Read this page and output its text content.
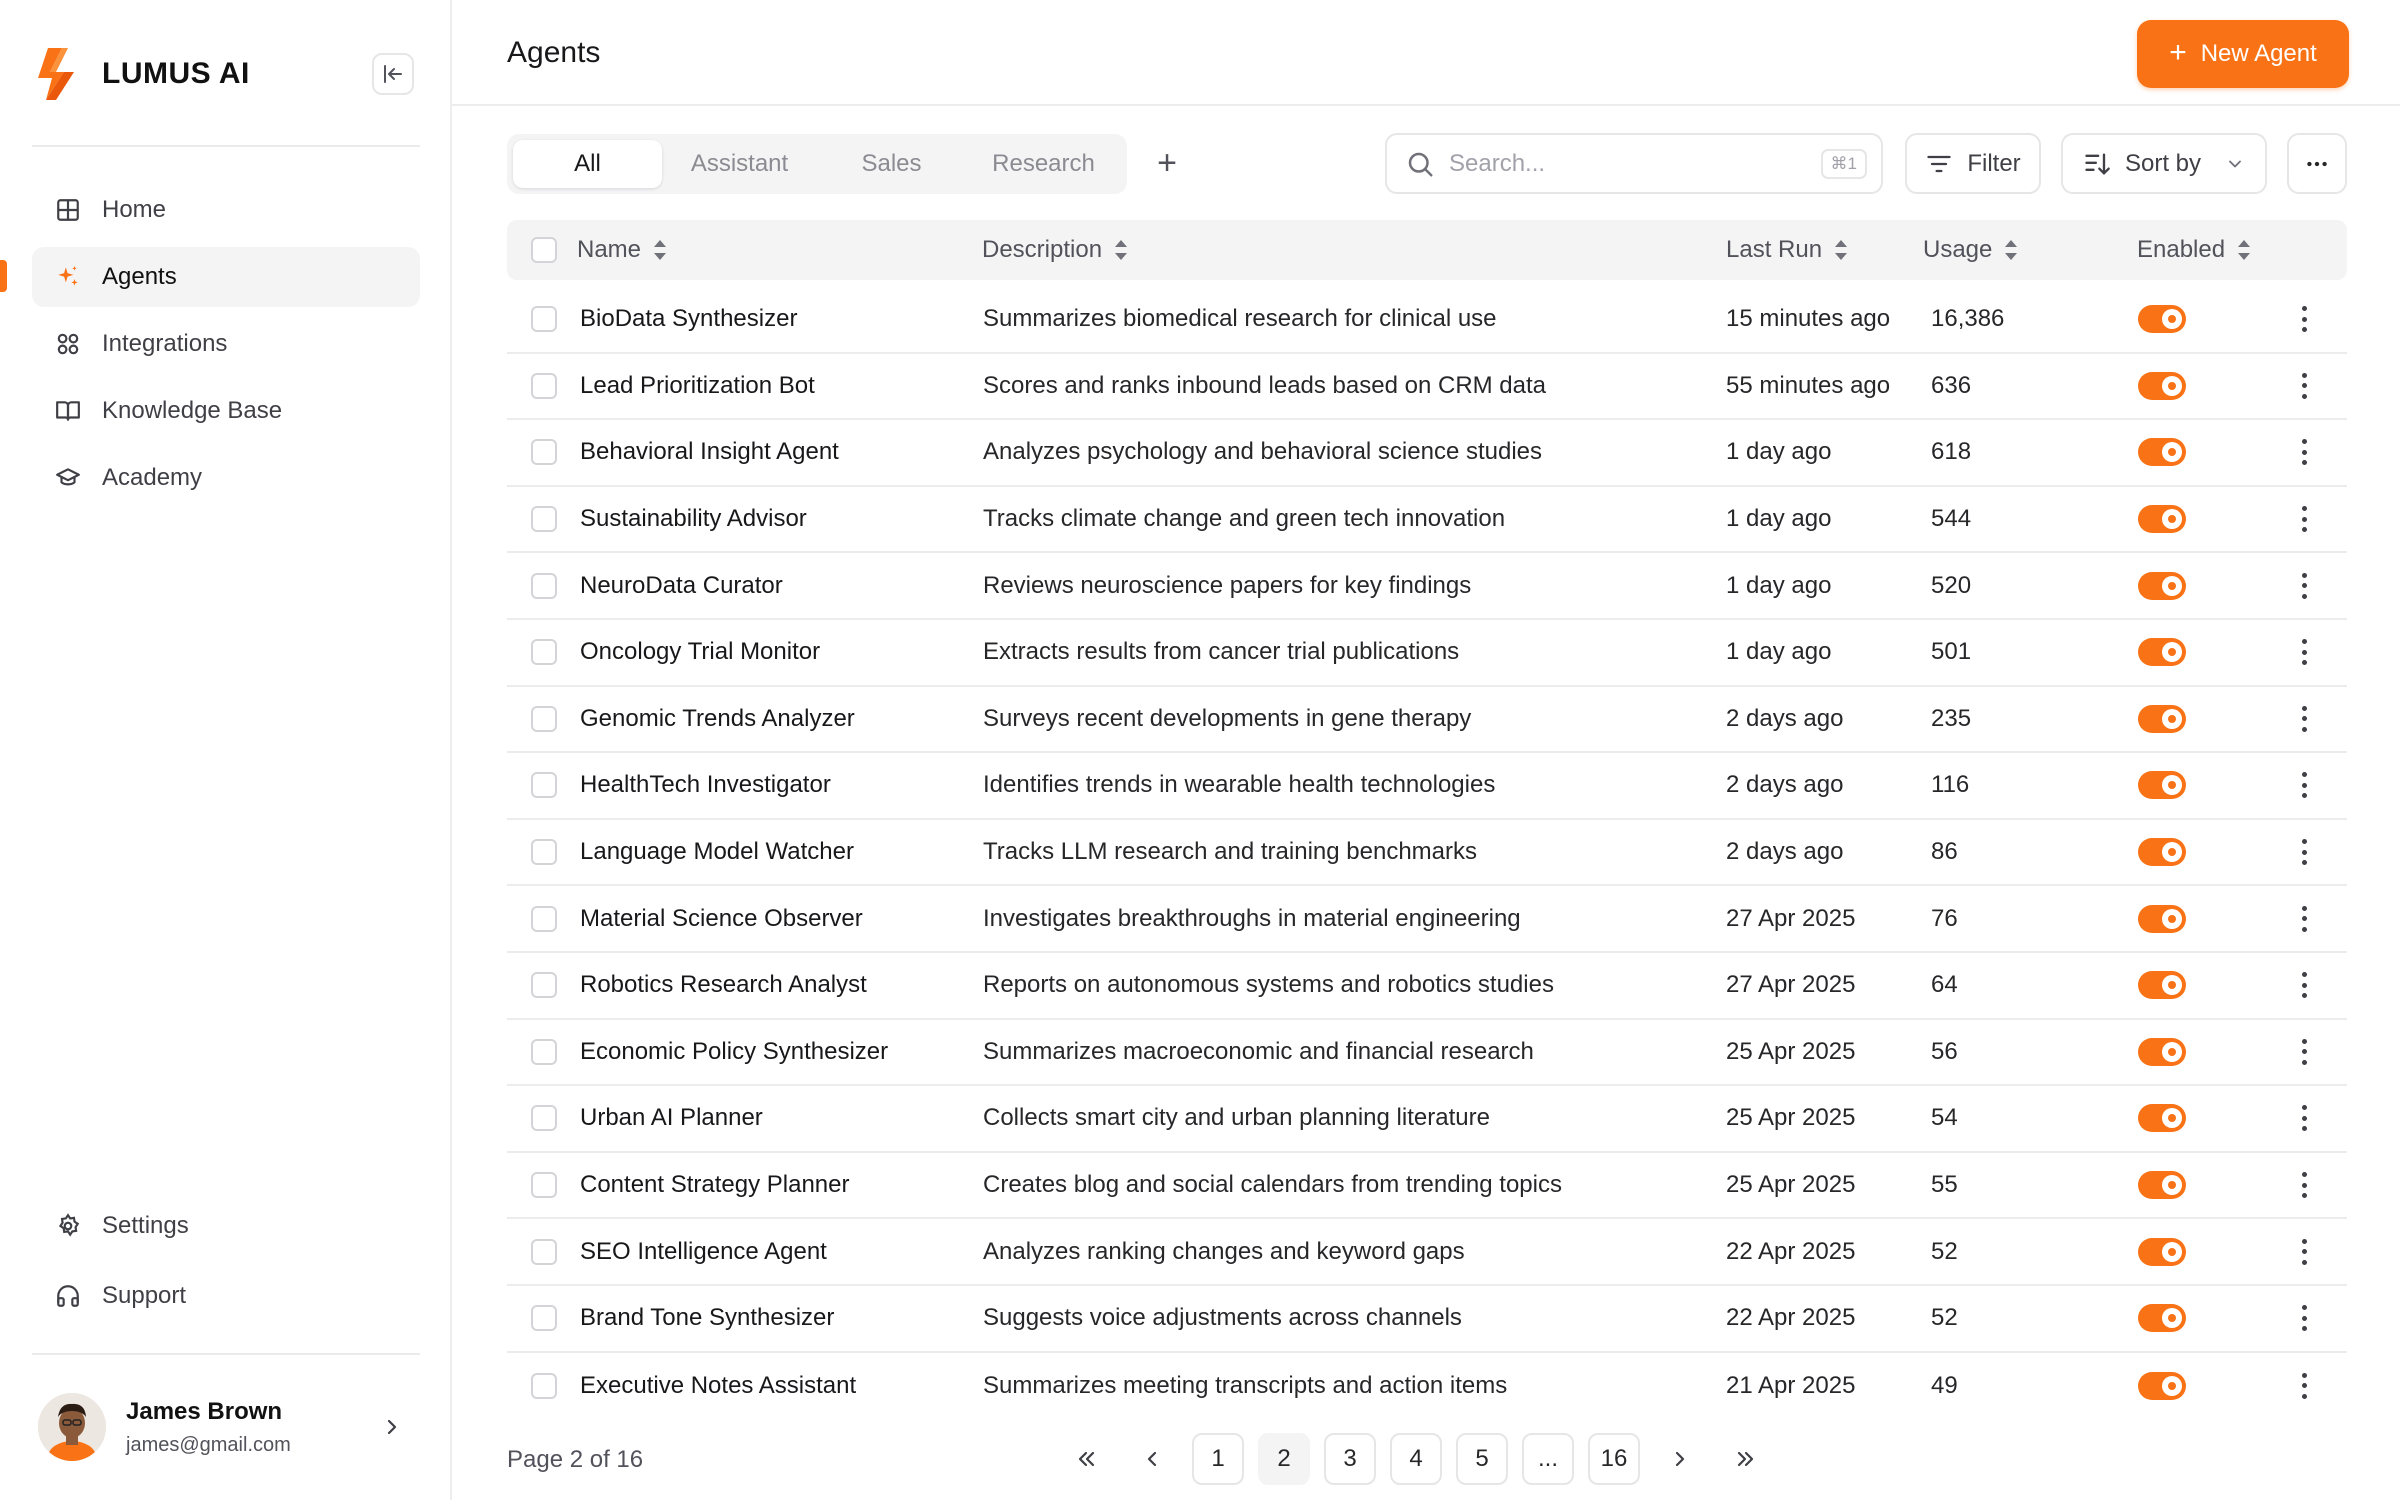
LUMUS AI
Home
Agents
Integrations
Knowledge Base
Academy
Settings
Support
James Brown
james@gmail.com
Agents	+ New Agent
All	Assistant	Sales	Research	+
Search...	⌘1	Filter	Sort by
Name	Description	Last Run	Usage	Enabled
BioData Synthesizer	Summarizes biomedical research for clinical use	15 minutes ago 16,386
Lead Prioritization Bot	Scores and ranks inbound leads based on CRM data	55 minutes ago 636
Behavioral Insight Agent	Analyzes psychology and behavioral science studies	1 day ago	618
Sustainability Advisor	Tracks climate change and green tech innovation	1 day ago	544
NeuroData Curator	Reviews neuroscience papers for key findings	1 day ago	520
Oncology Trial Monitor	Extracts results from cancer trial publications	1 day ago	501
Genomic Trends Analyzer	Surveys recent developments in gene therapy	2 days ago	235
HealthTech Investigator	Identifies trends in wearable health technologies	2 days ago	116
Language Model Watcher	Tracks LLM research and training benchmarks	2 days ago	86
Material Science Observer	Investigates breakthroughs in material engineering	27 Apr 2025	76
Robotics Research Analyst	Reports on autonomous systems and robotics studies	27 Apr 2025	64
Economic Policy Synthesizer	Summarizes macroeconomic and financial research	25 Apr 2025	56
Urban AI Planner	Collects smart city and urban planning literature	25 Apr 2025	54
Content Strategy Planner	Creates blog and social calendars from trending topics	25 Apr 2025	55
SEO Intelligence Agent	Analyzes ranking changes and keyword gaps	22 Apr 2025	52
Brand Tone Synthesizer	Suggests voice adjustments across channels	22 Apr 2025	52
Executive Notes Assistant	Summarizes meeting transcripts and action items	21 Apr 2025	49
Page 2 of 16	1	2	3	4	5	...	16
